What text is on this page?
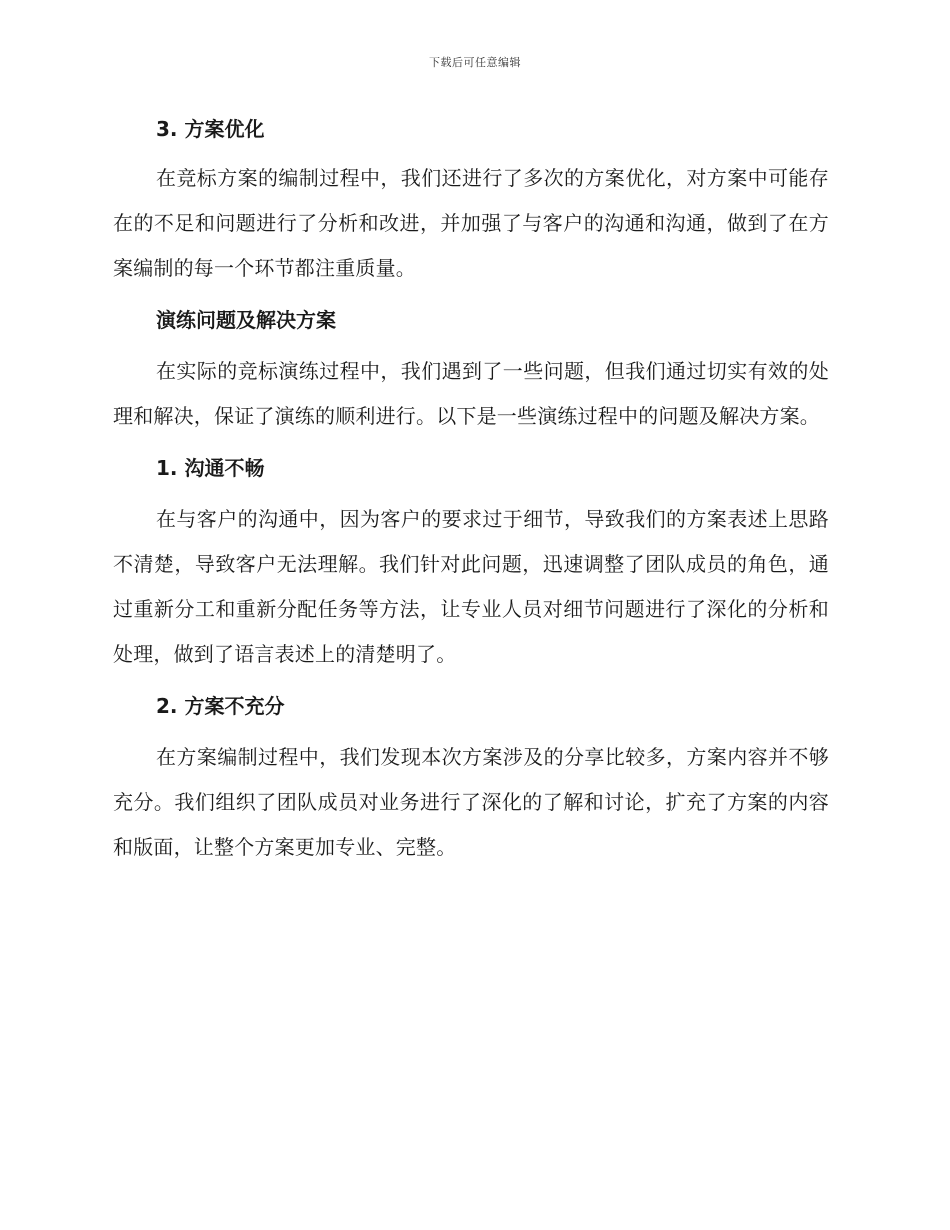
下载后可任意编辑
3. 方案优化

在竞标方案的编制过程中，我们还进行了多次的方案优化，对方案中可能存在的不足和问题进行了分析和改进，并加强了与客户的沟通和沟通，做到了在方案编制的每一个环节都注重质量。

演练问题及解决方案

在实际的竞标演练过程中，我们遇到了一些问题，但我们通过切实有效的处理和解决，保证了演练的顺利进行。以下是一些演练过程中的问题及解决方案。

1. 沟通不畅

在与客户的沟通中，因为客户的要求过于细节，导致我们的方案表述上思路不清楚，导致客户无法理解。我们针对此问题，迅速调整了团队成员的角色，通过重新分工和重新分配任务等方法，让专业人员对细节问题进行了深化的分析和处理，做到了语言表述上的清楚明了。

2. 方案不充分

在方案编制过程中，我们发现本次方案涉及的分享比较多，方案内容并不够充分。我们组织了团队成员对业务进行了深化的了解和讨论，扩充了方案的内容和版面，让整个方案更加专业、完整。
